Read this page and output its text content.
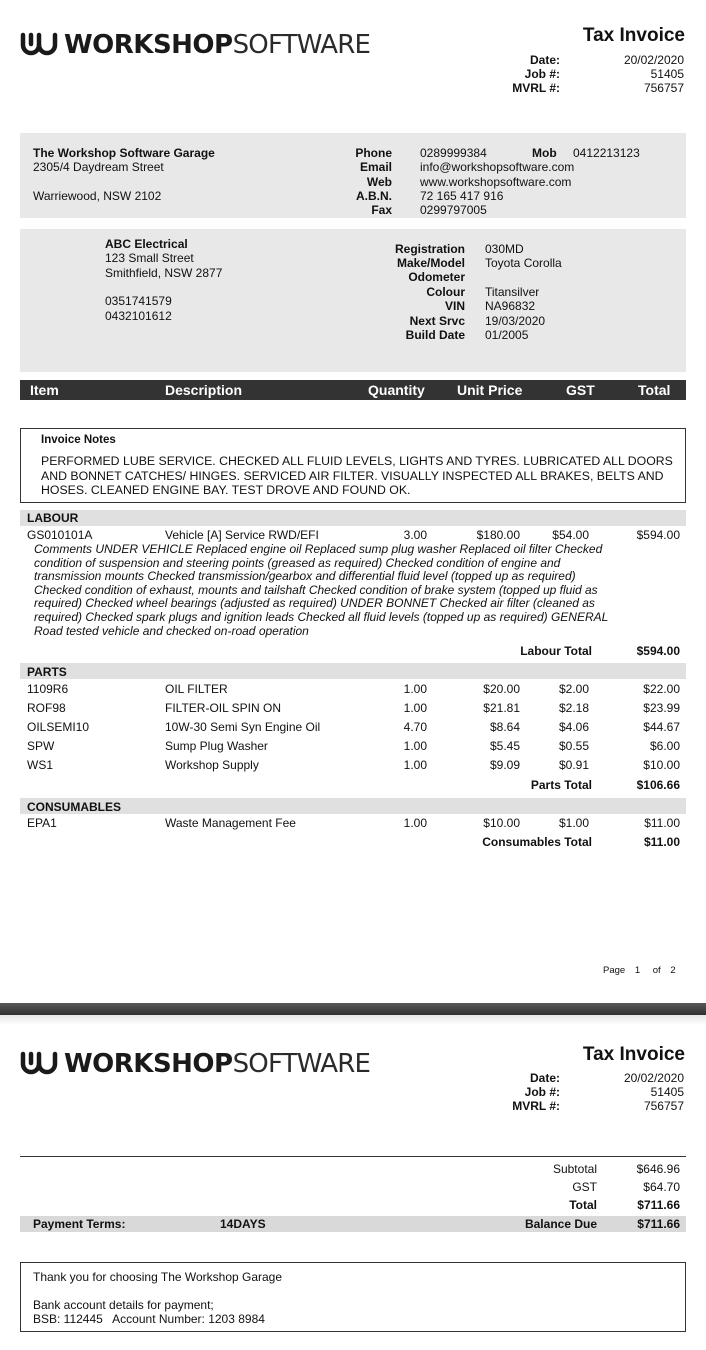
WORKSHOP SOFTWARE	Tax Invoice
Date:	20/02/2020
Job #:	51405
MVRL #:	756757
The Workshop Software Garage
2305/4 Daydream Street
Warriewood, NSW 2102
Phone 0289999384	Mob 0412213123
Email info@workshopsoftware.com
Web www.workshopsoftware.com
A.B.N. 72 165 417 916
Fax 0299797005
ABC Electrical
123 Small Street
Smithfield, NSW 2877
0351741579
0432101612
Registration 030MD
Make/Model Toyota Corolla
Odometer
Colour Titansilver
VIN NA96832
Next Srvc 19/03/2020
Build Date 01/2005
Item	Description	Quantity Unit Price	GST	Total
Invoice Notes
PERFORMED LUBE SERVICE. CHECKED ALL FLUID LEVELS, LIGHTS AND TYRES. LUBRICATED ALL DOORS
AND BONNET CATCHES/ HINGES. SERVICED AIR FILTER. VISUALLY INSPECTED ALL BRAKES, BELTS AND
HOSES. CLEANED ENGINE BAY. TEST DROVE AND FOUND OK.
LABOUR
GS010101A	Vehicle [A] Service RWD/EFI	3.00	$180.00	$54.00	$594.00
Comments UNDER VEHICLE Replaced engine oil Replaced sump plug washer Replaced oil filter Checked
condition of suspension and steering points (greased as required) Checked condition of engine and
transmission mounts Checked transmission/gearbox and differential fluid level (topped up as required)
Checked condition of exhaust, mounts and tailshaft Checked condition of brake system (topped up fluid as
required) Checked wheel bearings (adjusted as required) UNDER BONNET Checked air filter (cleaned as
required) Checked spark plugs and ignition leads Checked all fluid levels (topped up as required) GENERAL
Road tested vehicle and checked on-road operation
Labour Total	$594.00
PARTS
1109R6	OIL FILTER	1.00	$20.00	$2.00	$22.00
ROF98	FILTER-OIL SPIN ON	1.00	$21.81	$2.18	$23.99
OILSEMI10	10W-30 Semi Syn Engine Oil	4.70	$8.64	$4.06	$44.67
SPW	Sump Plug Washer	1.00	$5.45	$0.55	$6.00
WS1	Workshop Supply	1.00	$9.09	$0.91	$10.00
Parts Total	$106.66
CONSUMABLES
EPA1	Waste Management Fee	1.00	$10.00	$1.00	$11.00
Consumables Total	$11.00
Page 1 of 2
WORKSHOP SOFTWARE	Tax Invoice
Date:	20/02/2020
Job #:	51405
MVRL #:	756757
Subtotal	$646.96
GST	$64.70
Total	$711.66
Payment Terms:	14DAYS	Balance Due	$711.66
Thank you for choosing The Workshop Garage
Bank account details for payment;
BSB: 112445   Account Number: 1203 8984
